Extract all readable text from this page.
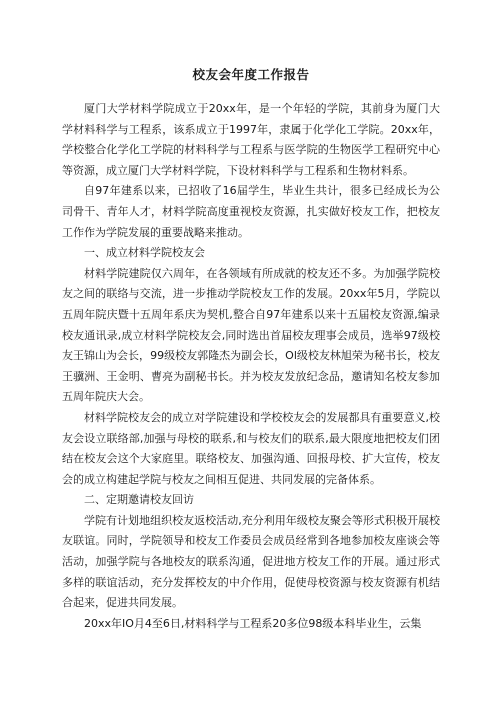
校友会年度工作报告

厦门大学材料学院成立于20xx年，是一个年轻的学院，其前身为厦门大学材料科学与工程系，该系成立于1997年，隶属于化学化工学院。20xx年，学校整合化学化工学院的材料科学与工程系与医学院的生物医学工程研究中心等资源，成立厦门大学材料学院，下设材料科学与工程系和生物材料系。

自97年建系以来，已招收了16届学生，毕业生共计，很多已经成长为公司骨干、青年人才，材料学院高度重视校友资源，扎实做好校友工作，把校友工作作为学院发展的重要战略来推动。

一、成立材料学院校友会

材料学院建院仅六周年，在各领域有所成就的校友还不多。为加强学院校友之间的联络与交流，进一步推动学院校友工作的发展。20xx年5月，学院以五周年院庆暨十五周年系庆为契机,整合自97年建系以来十五届校友资源,编录校友通讯录,成立材料学院校友会,同时选出首届校友理事会成员，选举97级校友王锦山为会长，99级校友郭隆杰为副会长，Ol级校友林旭荣为秘书长，校友王骥洲、王金明、曹亮为副秘书长。并为校友发放纪念品，邀请知名校友参加五周年院庆大会。

材料学院校友会的成立对学院建设和学校校友会的发展都具有重要意义,校友会设立联络部,加强与母校的联系,和与校友们的联系,最大限度地把校友们团结在校友会这个大家庭里。联络校友、加强沟通、回报母校、扩大宣传，校友会的成立构建起学院与校友之间相互促进、共同发展的完备体系。

二、定期邀请校友回访

学院有计划地组织校友返校活动,充分利用年级校友聚会等形式积极开展校友联谊。同时，学院领导和校友工作委员会成员经常到各地参加校友座谈会等活动，加强学院与各地校友的联系沟通，促进地方校友工作的开展。通过形式多样的联谊活动，充分发挥校友的中介作用，促使母校资源与校友资源有机结合起来，促进共同发展。

20xx年IO月4至6日,材料科学与工程系20多位98级本科毕业生，云集
